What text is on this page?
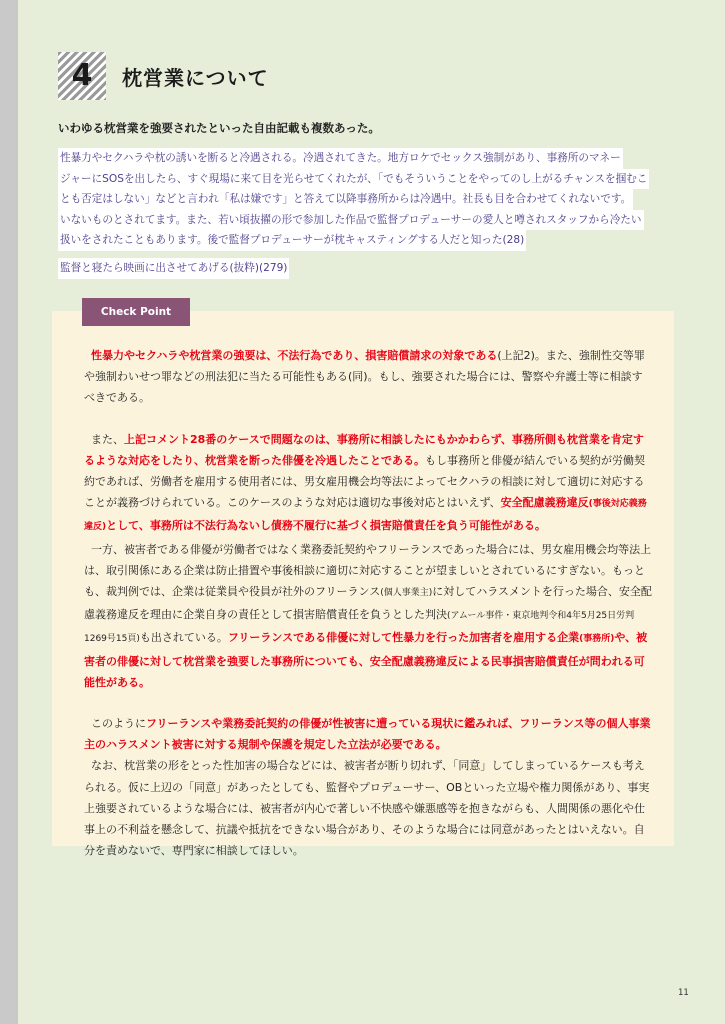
4	枕営業について
いわゆる枕営業を強要されたといった自由記載も複数あった。
性暴力やセクハラや枕の誘いを断ると冷遇される。冷遇されてきた。地方ロケでセックス強制があり、事務所のマネー
ジャーにSOSを出したら、すぐ現場に来て目を光らせてくれたが、「でもそういうことをやってのし上がるチャンスを掴むこ
とも否定はしない」などと言われ「私は嫌です」と答えて以降事務所からは冷遇中。社長も目を合わせてくれないです。
いないものとされてます。また、若い頃抜擢の形で参加した作品で監督プロデューサーの愛人と噂されスタッフから冷たい
扱いをされたこともあります。後で監督プロデューサーが枕キャスティングする人だと知った(28)
監督と寝たら映画に出させてあげる(抜粋)(279)
Check Point

性暴力やセクハラや枕営業の強要は、不法行為であり、損害賠償請求の対象である(上記2)。また、強制性交等罪や強制わいせつ罪などの刑法犯に当たる可能性もある(同)。もし、強要された場合には、警察や弁護士等に相談すべきである。

また、上記コメント28番のケースで問題なのは、事務所に相談したにもかかわらず、事務所側も枕営業を肯定するような対応をしたり、枕営業を断った俳優を冷遇したことである。もし事務所と俳優が結んでいる契約が労働契約であれば、労働者を雇用する使用者には、男女雇用機会均等法によってセクハラの相談に対して適切に対応することが義務づけられている。このケースのような対応は適切な事後対応とはいえず、安全配慮義務違反(事後対応義務違反)として、事務所は不法行為ないし債務不履行に基づく損害賠償責任を負う可能性がある。

一方、被害者である俳優が労働者ではなく業務委託契約やフリーランスであった場合には、男女雇用機会均等法上は、取引関係にある企業は防止措置や事後相談に適切に対応することが望ましいとされているにすぎない。もっとも、裁判例では、企業は従業員や役員が社外のフリーランス(個人事業主)に対してハラスメントを行った場合、安全配慮義務違反を理由に企業自身の責任として損害賠償責任を負うとした判決(アムール事件・東京地判令和4年5月25日労判1269号15頁)も出されている。フリーランスである俳優に対して性暴力を行った加害者を雇用する企業(事務所)や、被害者の俳優に対して枕営業を強要した事務所についても、安全配慮義務違反による民事損害賠償責任が問われる可能性がある。

このようにフリーランスや業務委託契約の俳優が性被害に遭っている現状に鑑みれば、フリーランス等の個人事業主のハラスメント被害に対する規制や保護を規定した立法が必要である。

なお、枕営業の形をとった性加害の場合などには、被害者が断り切れず、「同意」してしまっているケースも考えられる。仮に上辺の「同意」があったとしても、監督やプロデューサー、OBといった立場や権力関係があり、事実上強要されているような場合には、被害者が内心で著しい不快感や嫌悪感等を抱きながらも、人間関係の悪化や仕事上の不利益を懸念して、抗議や抵抗をできない場合があり、そのような場合には同意があったとはいえない。自分を責めないで、専門家に相談してほしい。

11
